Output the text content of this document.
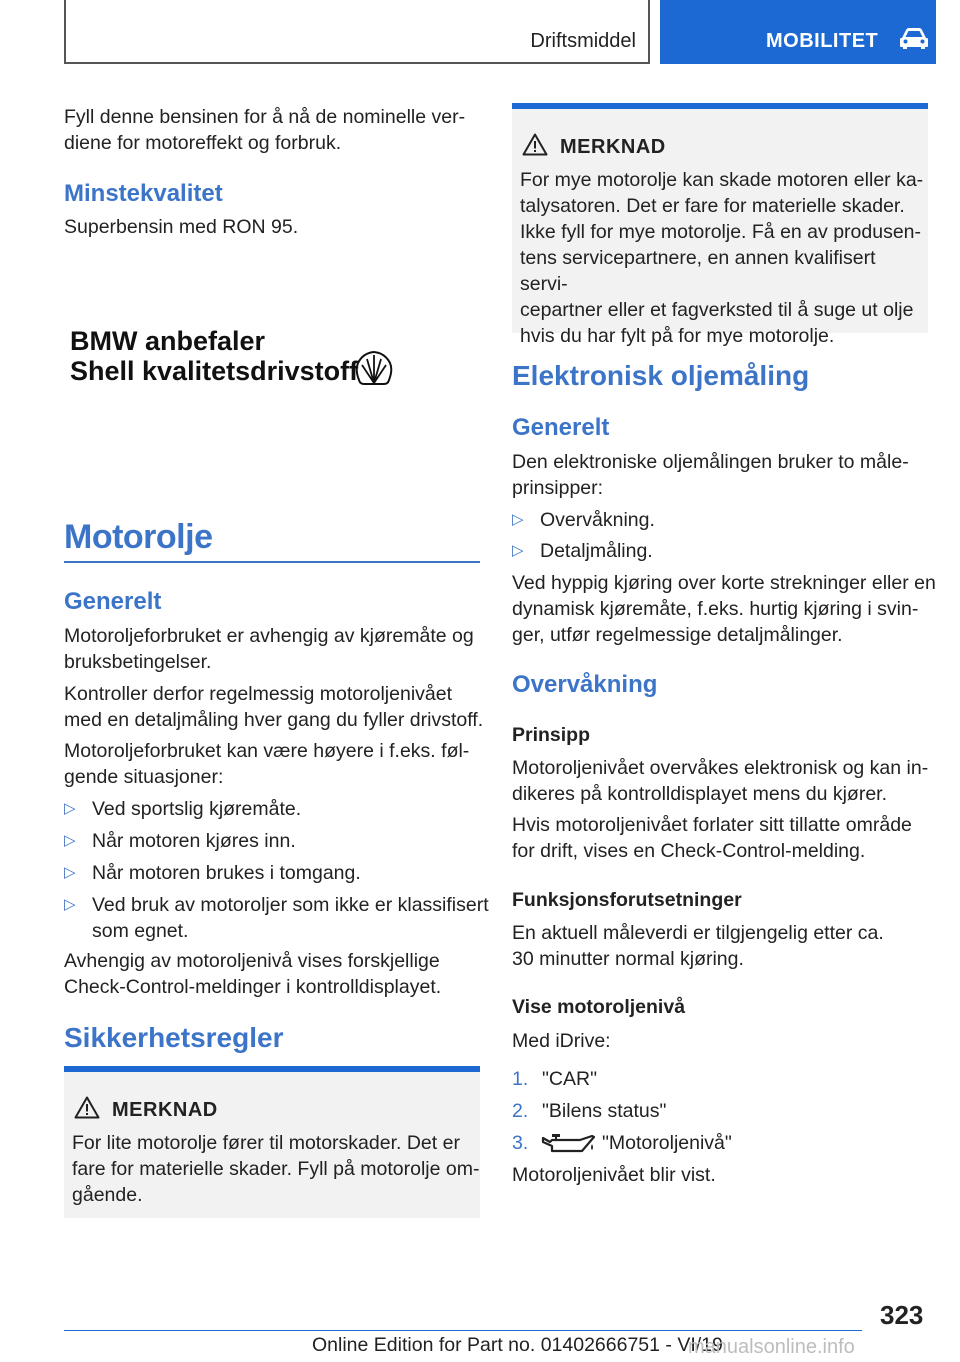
Driftsmiddel	MOBILITET
Fyll denne bensinen for å nå de nominelle ver-
diene for motoreffekt og forbruk.
Minstekvalitet
Superbensin med RON 95.
BMW anbefaler
Shell kvalitetsdrivstoff
Motorolje
Generelt
Motoroljeforbruket er avhengig av kjøremåte og
bruksbetingelser.
Kontroller derfor regelmessig motoroljenivået
med en detaljmåling hver gang du fyller drivstoff.
Motoroljeforbruket kan være høyere i f.eks. føl-
gende situasjoner:
▷ Ved sportslig kjøremåte.
▷ Når motoren kjøres inn.
▷ Når motoren brukes i tomgang.
▷ Ved bruk av motoroljer som ikke er klassifisert
som egnet.
Avhengig av motoroljenivå vises forskjellige
Check-Control-meldinger i kontrolldisplayet.
Sikkerhetsregler
MERKNAD
For lite motorolje fører til motorskader. Det er
fare for materielle skader. Fyll på motorolje om-
gående.
MERKNAD
For mye motorolje kan skade motoren eller ka-
talysatoren. Det er fare for materielle skader.
Ikke fyll for mye motorolje. Få en av produsen-
tens servicepartnere, en annen kvalifisert servi-
cepartner eller et fagverksted til å suge ut olje
hvis du har fylt på for mye motorolje.
Elektronisk oljemåling
Generelt
Den elektroniske oljemålingen bruker to måle-
prinsipper:
▷ Overvåkning.
▷ Detaljmåling.
Ved hyppig kjøring over korte strekninger eller en
dynamisk kjøremåte, f.eks. hurtig kjøring i svin-
ger, utfør regelmessige detaljmålinger.
Overvåkning
Prinsipp
Motoroljenivået overvåkes elektronisk og kan in-
dikeres på kontrolldisplayet mens du kjører.
Hvis motoroljenivået forlater sitt tillatte område
for drift, vises en Check-Control-melding.
Funksjonsforutsetninger
En aktuell måleverdi er tilgjengelig etter ca.
30 minutter normal kjøring.
Vise motoroljenivå
Med iDrive:
1. "CAR"
2. "Bilens status"
3.	"Motoroljenivå"
Motoroljenivået blir vist.
323
Online Edition for Part no. 01402666751 - VI/19
manualsonline.info
